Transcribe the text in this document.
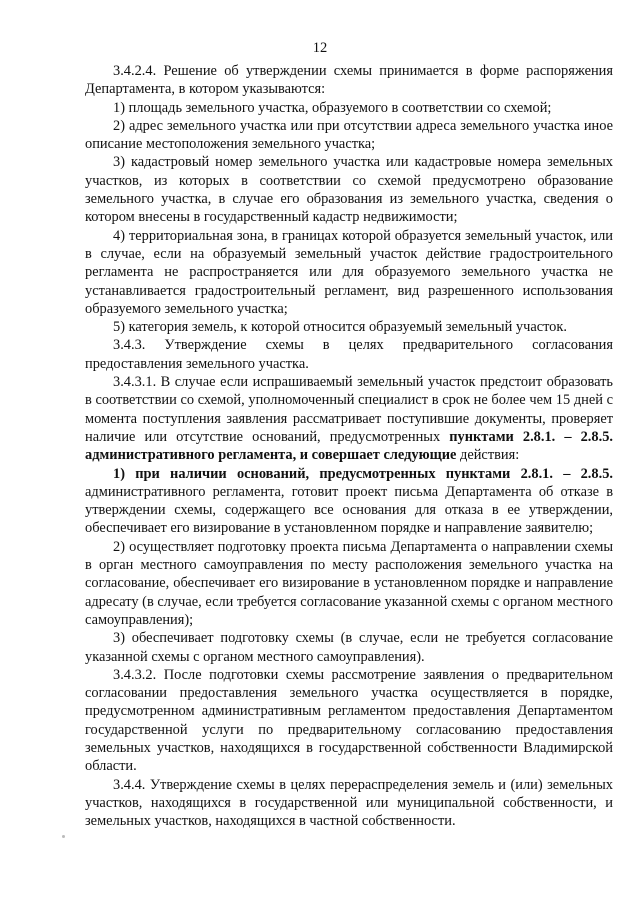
12

3.4.2.4. Решение об утверждении схемы принимается в форме распоряжения Департамента, в котором указываются:

1) площадь земельного участка, образуемого в соответствии со схемой;

2) адрес земельного участка или при отсутствии адреса земельного участка иное описание местоположения земельного участка;

3) кадастровый номер земельного участка или кадастровые номера земельных участков, из которых в соответствии со схемой предусмотрено образование земельного участка, в случае его образования из земельного участка, сведения о котором внесены в государственный кадастр недвижимости;

4) территориальная зона, в границах которой образуется земельный участок, или в случае, если на образуемый земельный участок действие градостроительного регламента не распространяется или для образуемого земельного участка не устанавливается градостроительный регламент, вид разрешенного использования образуемого земельного участка;

5) категория земель, к которой относится образуемый земельный участок.

3.4.3. Утверждение схемы в целях предварительного согласования предоставления земельного участка.

3.4.3.1. В случае если испрашиваемый земельный участок предстоит образовать в соответствии со схемой, уполномоченный специалист в срок не более чем 15 дней с момента поступления заявления рассматривает поступившие документы, проверяет наличие или отсутствие оснований, предусмотренных пунктами 2.8.1. – 2.8.5. административного регламента, и совершает следующие действия:

1) при наличии оснований, предусмотренных пунктами 2.8.1. – 2.8.5. административного регламента, готовит проект письма Департамента об отказе в утверждении схемы, содержащего все основания для отказа в ее утверждении, обеспечивает его визирование в установленном порядке и направление заявителю;

2) осуществляет подготовку проекта письма Департамента о направлении схемы в орган местного самоуправления по месту расположения земельного участка на согласование, обеспечивает его визирование в установленном порядке и направление адресату (в случае, если требуется согласование указанной схемы с органом местного самоуправления);

3) обеспечивает подготовку схемы (в случае, если не требуется согласование указанной схемы с органом местного самоуправления).

3.4.3.2. После подготовки схемы рассмотрение заявления о предварительном согласовании предоставления земельного участка осуществляется в порядке, предусмотренном административным регламентом предоставления Департаментом государственной услуги по предварительному согласованию предоставления земельных участков, находящихся в государственной собственности Владимирской области.

3.4.4. Утверждение схемы в целях перераспределения земель и (или) земельных участков, находящихся в государственной или муниципальной собственности, и земельных участков, находящихся в частной собственности.
